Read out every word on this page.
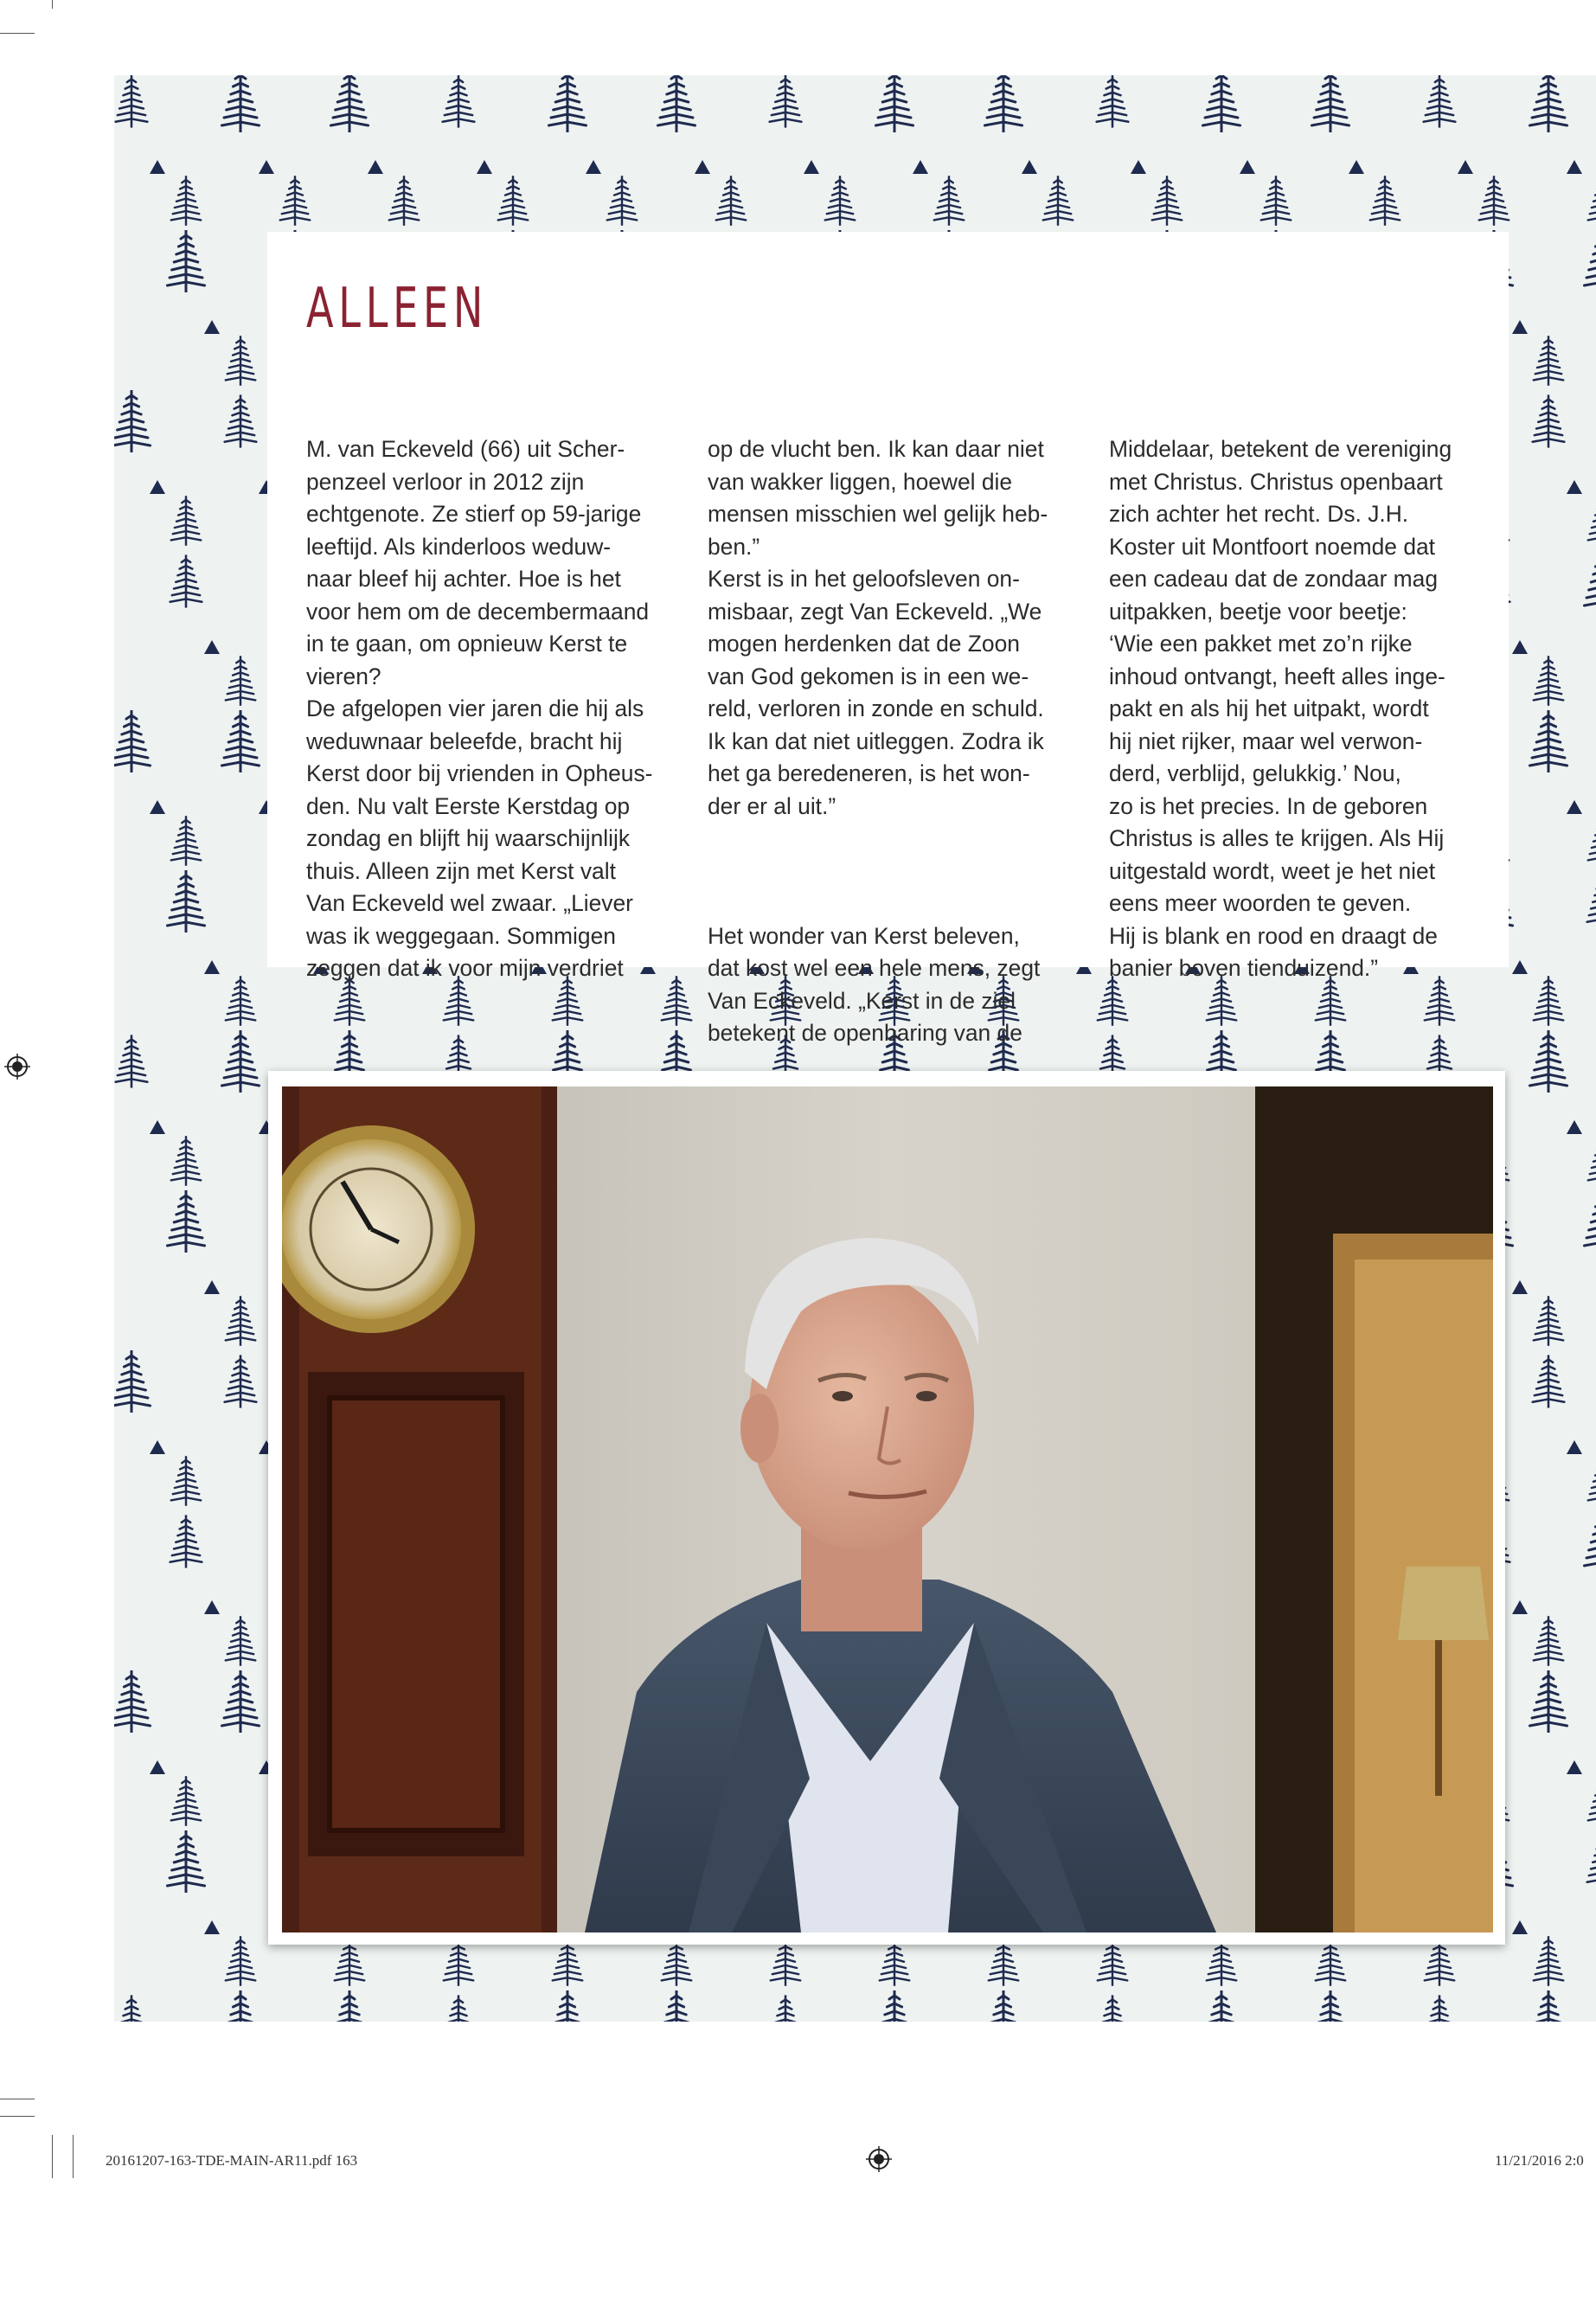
ALLEEN

M. van Eckeveld (66) uit Scher-
penzeel verloor in 2012 zijn
echtgenote. Ze stierf op 59-jarige
leeftijd. Als kinderloos weduw-
naar bleef hij achter. Hoe is het
voor hem om de decembermaand
in te gaan, om opnieuw Kerst te
vieren?
De afgelopen vier jaren die hij als
weduwnaar beleefde, bracht hij
Kerst door bij vrienden in Opheus-
den. Nu valt Eerste Kerstdag op
zondag en blijft hij waarschijnlijk
thuis. Alleen zijn met Kerst valt
Van Eckeveld wel zwaar. „Liever
was ik weggegaan. Sommigen
zeggen dat ik voor mijn verdriet

op de vlucht ben. Ik kan daar niet
van wakker liggen, hoewel die
mensen misschien wel gelijk heb-
ben.”
Kerst is in het geloofsleven on-
misbaar, zegt Van Eckeveld. „We
mogen herdenken dat de Zoon
van God gekomen is in een we-
reld, verloren in zonde en schuld.
Ik kan dat niet uitleggen. Zodra ik
het ga beredeneren, is het won-
der er al uit.”

Het wonder van Kerst beleven,
dat kost wel een hele mens, zegt
Van Eckeveld. „Kerst in de ziel
betekent de openbaring van de

Middelaar, betekent de vereniging
met Christus. Christus openbaart
zich achter het recht. Ds. J.H.
Koster uit Montfoort noemde dat
een cadeau dat de zondaar mag
uitpakken, beetje voor beetje:
‘Wie een pakket met zo’n rijke
inhoud ontvangt, heeft alles inge-
pakt en als hij het uitpakt, wordt
hij niet rijker, maar wel verwon-
derd, verblijd, gelukkig.’ Nou,
zo is het precies. In de geboren
Christus is alles te krijgen. Als Hij
uitgestald wordt, weet je het niet
eens meer woorden te geven.
Hij is blank en rood en draagt de
banier boven tienduizend.”

20161207-163-TDE-MAIN-AR11.pdf 163	11/21/2016 2:0
